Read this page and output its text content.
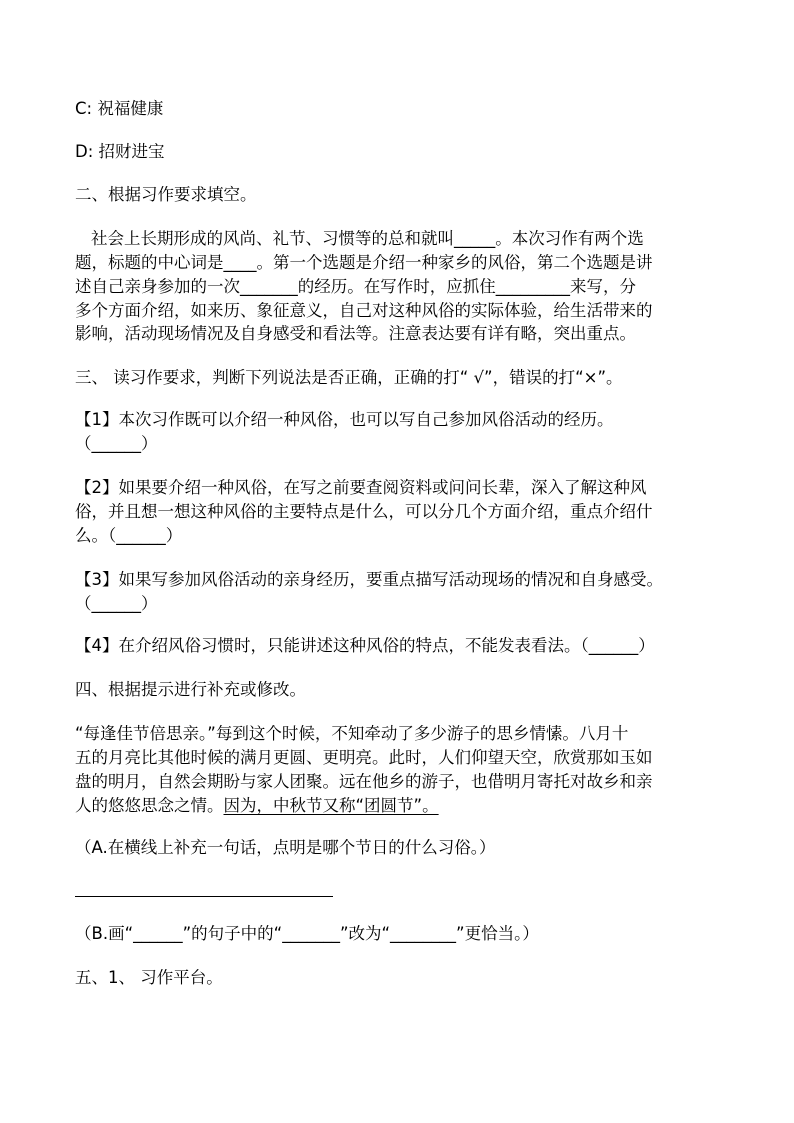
C: 祝福健康
D: 招财进宝
二、根据习作要求填空。
社会上长期形成的风尚、礼节、习惯等的总和就叫_____。本次习作有两个选
题，标题的中心词是____。第一个选题是介绍一种家乡的风俗，第二个选题是讲
述自己亲身参加的一次_______的经历。在写作时，应抓住_________来写，分
多个方面介绍，如来历、象征意义，自己对这种风俗的实际体验，给生活带来的
影响，活动现场情况及自身感受和看法等。注意表达要有详有略，突出重点。
三、 读习作要求，判断下列说法是否正确，正确的打“ √”，错误的打“×”。
【1】本次习作既可以介绍一种风俗，也可以写自己参加风俗活动的经历。
（______）
【2】如果要介绍一种风俗，在写之前要查阅资料或问问长辈，深入了解这种风
俗，并且想一想这种风俗的主要特点是什么，可以分几个方面介绍，重点介绍什
么。（______）
【3】如果写参加风俗活动的亲身经历，要重点描写活动现场的情况和自身感受。
（______）
【4】在介绍风俗习惯时，只能讲述这种风俗的特点，不能发表看法。（______）
四、根据提示进行补充或修改。
“每逢佳节倍思亲。”每到这个时候，不知牵动了多少游子的思乡情愫。八月十
五的月亮比其他时候的满月更圆、更明亮。此时，人们仰望天空，欣赏那如玉如
盘的明月，自然会期盼与家人团聚。远在他乡的游子，也借明月寄托对故乡和亲
人的悠悠思念之情。因为，中秋节又称“团圆节”。
（A.在横线上补充一句话，点明是哪个节日的什么习俗。）
（B.画“______”的句子中的“_______”改为“________”更恰当。）
五、1、 习作平台。
